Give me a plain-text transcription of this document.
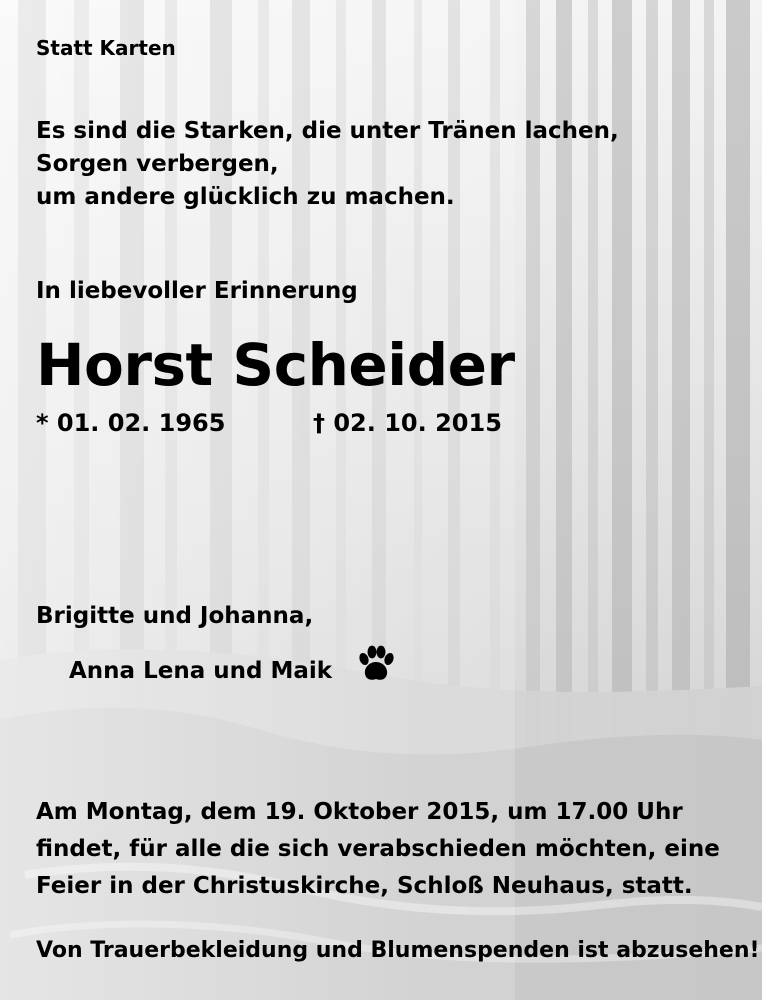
Statt Karten
Es sind die Starken, die unter Tränen lachen,
Sorgen verbergen,
um andere glücklich zu machen.
In liebevoller Erinnerung
Horst Scheider
* 01. 02. 1965	† 02. 10. 2015
Brigitte und Johanna,
Anna Lena und Maik
Am Montag, dem 19. Oktober 2015, um 17.00 Uhr
findet, für alle die sich verabschieden möchten, eine
Feier in der Christuskirche, Schloß Neuhaus, statt.
Von Trauerbekleidung und Blumenspenden ist abzusehen!
